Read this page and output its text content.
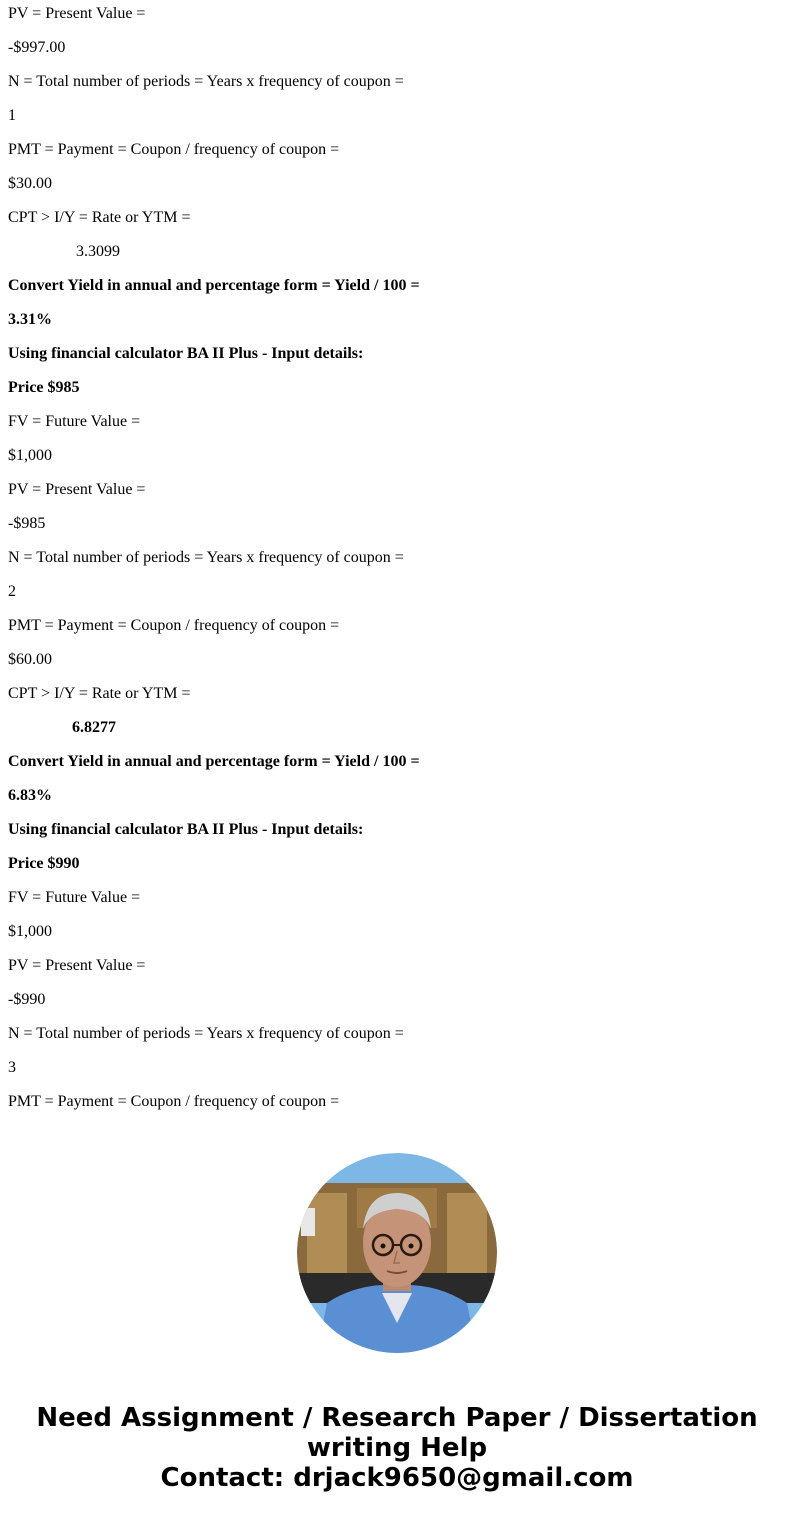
PV = Present Value =
-$997.00
N = Total number of periods = Years x frequency of coupon =
1
PMT = Payment = Coupon / frequency of coupon =
$30.00
CPT > I/Y = Rate or YTM =
3.3099
Convert Yield in annual and percentage form = Yield / 100 =
3.31%
Using financial calculator BA II Plus - Input details:
Price $985
FV = Future Value =
$1,000
PV = Present Value =
-$985
N = Total number of periods = Years x frequency of coupon =
2
PMT = Payment = Coupon / frequency of coupon =
$60.00
CPT > I/Y = Rate or YTM =
6.8277
Convert Yield in annual and percentage form = Yield / 100 =
6.83%
Using financial calculator BA II Plus - Input details:
Price $990
FV = Future Value =
$1,000
PV = Present Value =
-$990
N = Total number of periods = Years x frequency of coupon =
3
PMT = Payment = Coupon / frequency of coupon =
Need Assignment / Research Paper / Dissertation
writing Help
Contact: drjack9650@gmail.com
